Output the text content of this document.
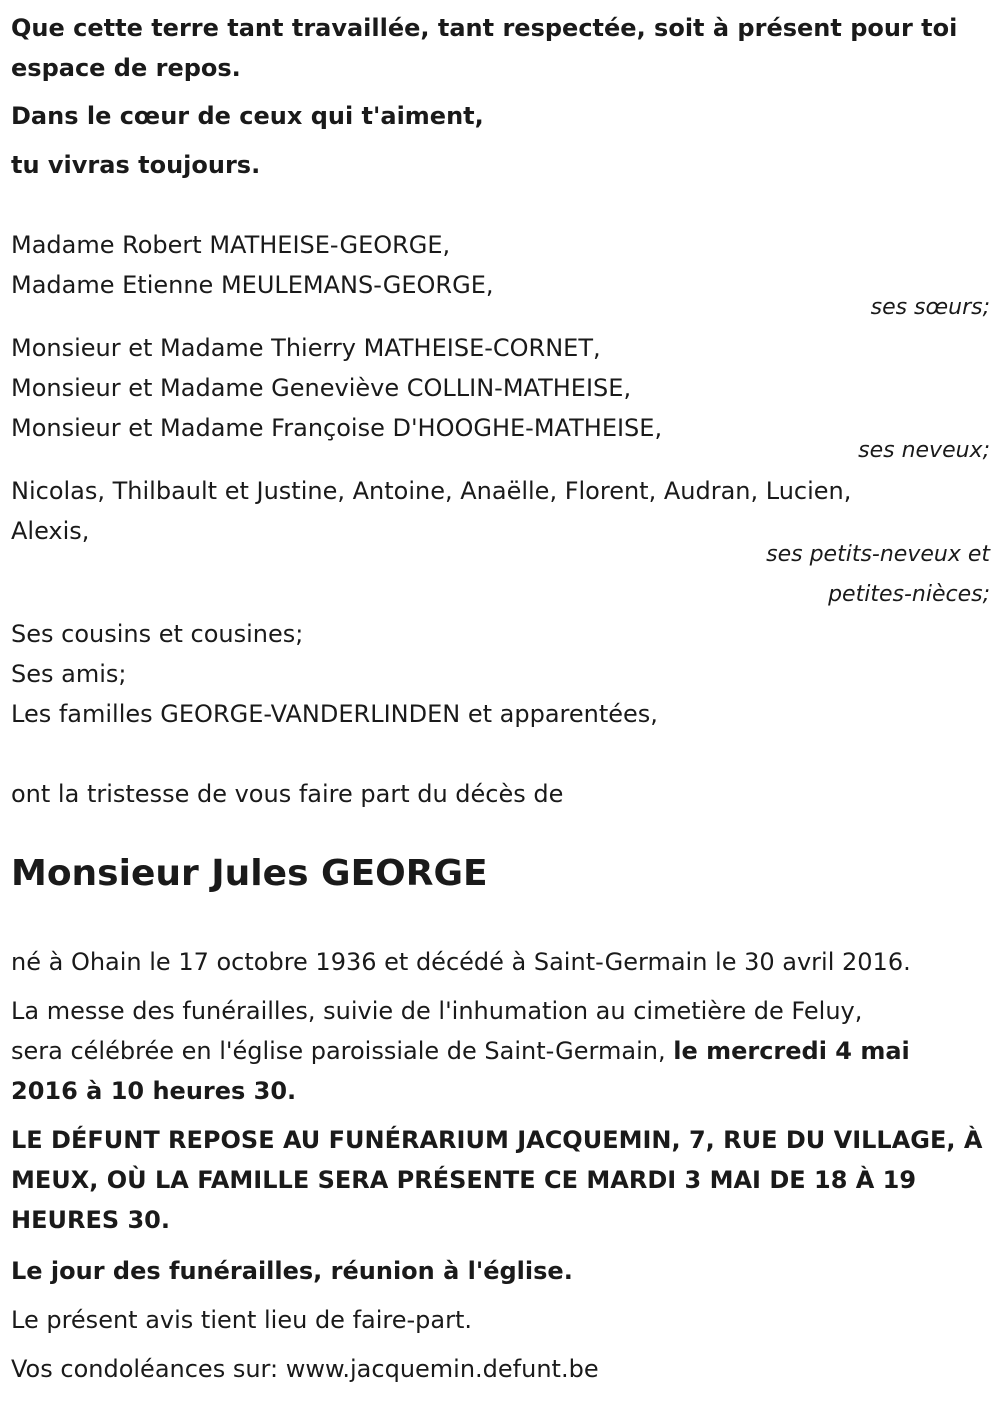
Que cette terre tant travaillée, tant respectée, soit à présent pour toi

espace de repos.

Dans le cœur de ceux qui t'aiment,

tu vivras toujours.

Madame Robert MATHEISE-GEORGE,

Madame Etienne MEULEMANS-GEORGE,

ses sœurs;

Monsieur et Madame Thierry MATHEISE-CORNET,

Monsieur et Madame Geneviève COLLIN-MATHEISE,

Monsieur et Madame Françoise D'HOOGHE-MATHEISE,

ses neveux;

Nicolas, Thilbault et Justine, Antoine, Anaëlle, Florent, Audran, Lucien,

Alexis,

ses petits-neveux et

petites-nièces;

Ses cousins et cousines;

Ses amis;

Les familles GEORGE-VANDERLINDEN et apparentées,

ont la tristesse de vous faire part du décès de

Monsieur Jules GEORGE

né à Ohain le 17 octobre 1936 et décédé à Saint-Germain le 30 avril 2016.

La messe des funérailles, suivie de l'inhumation au cimetière de Feluy,

sera célébrée en l'église paroissiale de Saint-Germain, le mercredi 4 mai

2016 à 10 heures 30.

LE DÉFUNT REPOSE AU FUNÉRARIUM JACQUEMIN, 7, RUE DU VILLAGE, À

MEUX, OÙ LA FAMILLE SERA PRÉSENTE CE MARDI 3 MAI DE 18 À 19

HEURES 30.

Le jour des funérailles, réunion à l'église.

Le présent avis tient lieu de faire-part.

Vos condoléances sur: www.jacquemin.defunt.be
